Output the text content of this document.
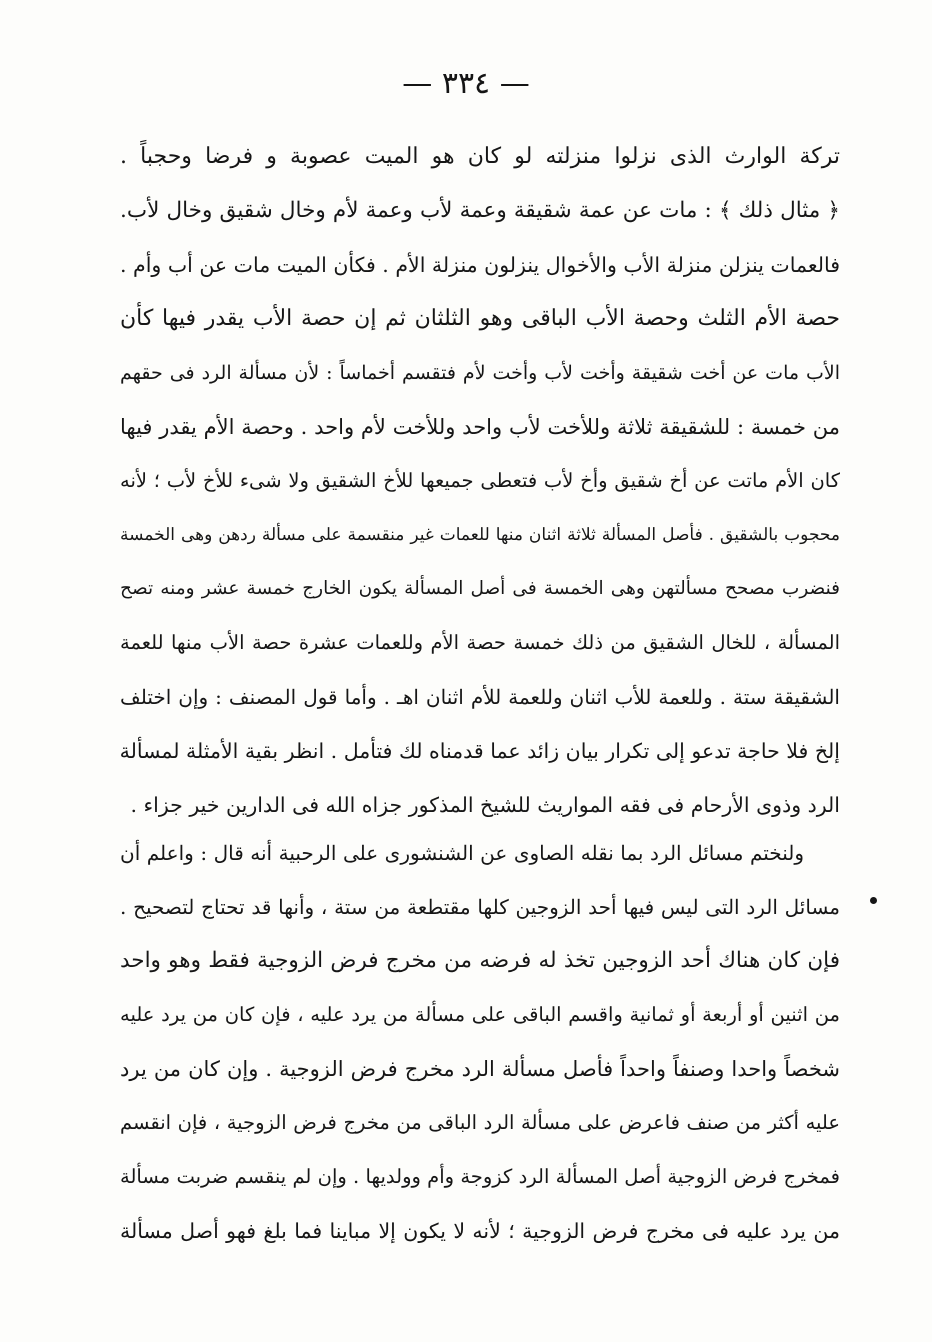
— ٣٣٤ —
تركة الوارث الذى نزلوا منزلته لو كان هو الميت عصوبة و فرضا وحجباً .
﴿ مثال ذلك ﴾ : مات عن عمة شقيقة وعمة لأب وعمة لأم وخال شقيق وخال لأب.
فالعمات ينزلن منزلة الأب والأخوال ينزلون منزلة الأم . فكأن الميت مات عن أب وأم .
حصة الأم الثلث وحصة الأب الباقى وهو الثلثان ثم إن حصة الأب يقدر فيها كأن
الأب مات عن أخت شقيقة وأخت لأب وأخت لأم فتقسم أخماساً : لأن مسألة الرد فى حقهم
من خمسة : للشقيقة ثلاثة وللأخت لأب واحد وللأخت لأم واحد . وحصة الأم يقدر فيها
كان الأم ماتت عن أخ شقيق وأخ لأب فتعطى جميعها للأخ الشقيق ولا شىء للأخ لأب ؛ لأنه
محجوب بالشقيق . فأصل المسألة ثلاثة اثنان منها للعمات غير منقسمة على مسألة ردهن وهى الخمسة
فنضرب مصحح مسألتهن وهى الخمسة فى أصل المسألة يكون الخارج خمسة عشر ومنه تصح
المسألة ، للخال الشقيق من ذلك خمسة حصة الأم وللعمات عشرة حصة الأب منها للعمة
الشقيقة ستة . وللعمة للأب اثنان وللعمة للأم اثنان اهـ . وأما قول المصنف : وإن اختلف
إلخ فلا حاجة تدعو إلى تكرار بيان زائد عما قدمناه لك فتأمل . انظر بقية الأمثلة لمسألة
الرد وذوى الأرحام فى فقه المواريث للشيخ المذكور جزاه الله فى الدارين خير جزاء .
ولنختم مسائل الرد بما نقله الصاوى عن الشنشورى على الرحبية أنه قال : واعلم أن
مسائل الرد التى ليس فيها أحد الزوجين كلها مقتطعة من ستة ، وأنها قد تحتاج لتصحيح .
فإن كان هناك أحد الزوجين تخذ له فرضه من مخرج فرض الزوجية فقط وهو واحد
من اثنين أو أربعة أو ثمانية واقسم الباقى على مسألة من يرد عليه ، فإن كان من يرد عليه
شخصاً واحدا وصنفاً واحداً فأصل مسألة الرد مخرج فرض الزوجية . وإن كان من يرد
عليه أكثر من صنف فاعرض على مسألة الرد الباقى من مخرج فرض الزوجية ، فإن انقسم
فمخرج فرض الزوجية أصل المسألة الرد كزوجة وأم وولديها . وإن لم ينقسم ضربت مسألة
من يرد عليه فى مخرج فرض الزوجية ؛ لأنه لا يكون إلا مباينا فما بلغ فهو أصل مسألة
